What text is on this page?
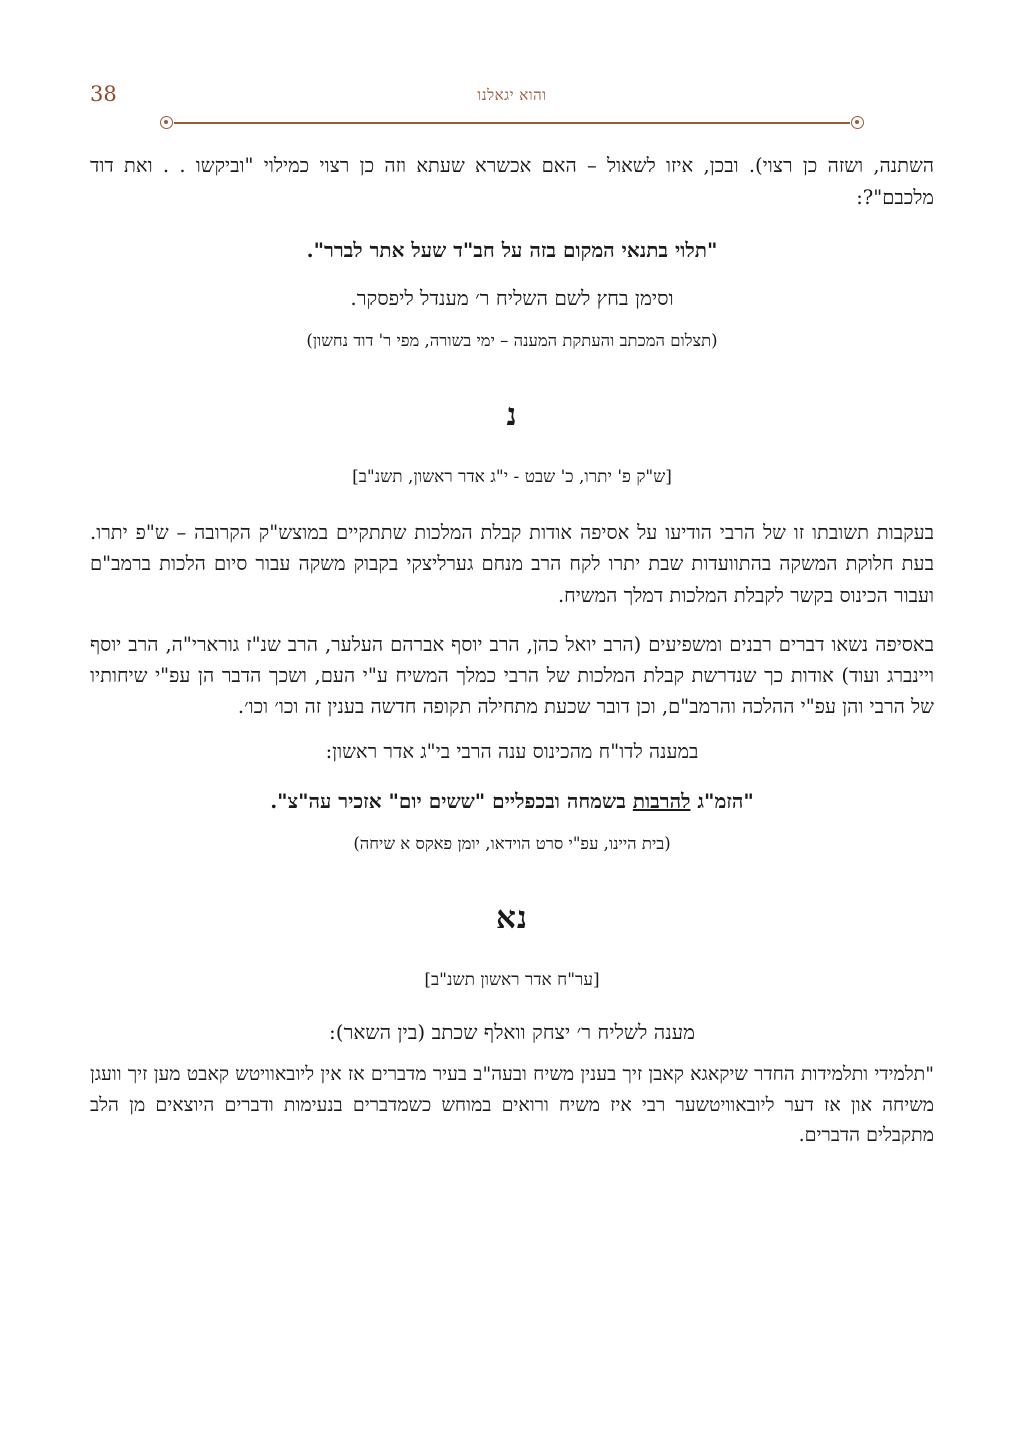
והוא יגאלנו
38

השתנה, ושזה כן רצוי). ובכן, איזו לשאול – האם אכשרא שעתא וזה כן רצוי כמילוי "וביקשו . . ואת דוד מלכבם"?:

"תלוי בתנאי המקום בזה על חב"ד שעל אתר לברר".

וסימן בחץ לשם השליח ר׳ מענדל ליפסקר.

(תצלום המכתב והעתקת המענה – ימי בשורה, מפי ר' דוד נחשון)

נ

[ש"ק פ' יתרו, כ' שבט - י"ג אדר ראשון, תשנ"ב]

בעקבות תשובתו זו של הרבי הודיעו על אסיפה אודות קבלת המלכות שתתקיים במוצש"ק הקרובה – ש"פ יתרו. בעת חלוקת המשקה בהתוועדות שבת יתרו לקח הרב מנחם גערליצקי בקבוק משקה עבור סיום הלכות ברמב"ם ועבור הכינוס בקשר לקבלת המלכות דמלך המשיח.

באסיפה נשאו דברים רבנים ומשפיעים (הרב יואל כהן, הרב יוסף אברהם העלער, הרב שנ"ז גורארי"ה, הרב יוסף ויינברג ועוד) אודות כך שנדרשת קבלת המלכות של הרבי כמלך המשיח ע"י העם, ושכך הדבר הן עפ"י שיחותיו של הרבי והן עפ"י ההלכה והרמב"ם, וכן דובר שכעת מתחילה תקופה חדשה בענין זה וכו׳ וכו׳.

במענה לדו"ח מהכינוס ענה הרבי בי"ג אדר ראשון:

"הזמ"ג להרבות בשמחה ובכפליים "ששים יום" אזכיר עה"צ".

(בית היינו, עפ"י סרט הוידאו, יומן פאקס א שיחה)

נא

[ער"ח אדר ראשון תשנ"ב]

מענה לשליח ר׳ יצחק וואלף שכתב (בין השאר):

"תלמידי ותלמידות החדר שיקאגא קאבן זיך בענין משיח ובעה"ב בעיר מדברים אז אין ליובאוויטש קאבט מען זיך וועגן משיחה און אז דער ליובאוויטשער רבי איז משיח ורואים במוחש כשמדברים בנעימות ודברים היוצאים מן הלב מתקבלים הדברים.
